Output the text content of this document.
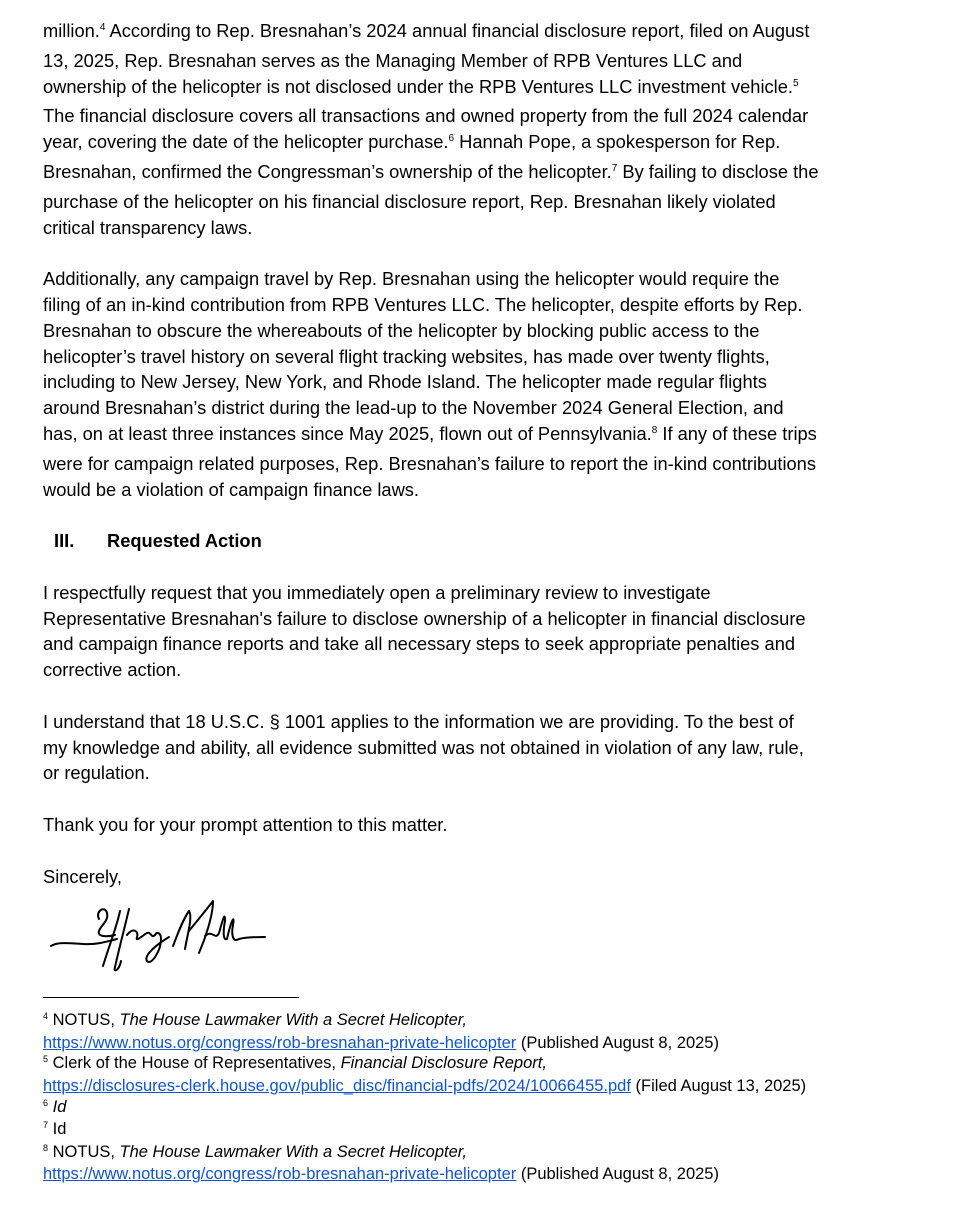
million.$^4$ According to Rep. Bresnahan’s 2024 annual financial disclosure report, filed on August
13, 2025, Rep. Bresnahan serves as the Managing Member of RPB Ventures LLC and
ownership of the helicopter is not disclosed under the RPB Ventures LLC investment vehicle.$^5$
The financial disclosure covers all transactions and owned property from the full 2024 calendar
year, covering the date of the helicopter purchase.$^6$ Hannah Pope, a spokesperson for Rep.
Bresnahan, confirmed the Congressman’s ownership of the helicopter.$^7$ By failing to disclose the
purchase of the helicopter on his financial disclosure report, Rep. Bresnahan likely violated
critical transparency laws.

Additionally, any campaign travel by Rep. Bresnahan using the helicopter would require the
filing of an in-kind contribution from RPB Ventures LLC. The helicopter, despite efforts by Rep.
Bresnahan to obscure the whereabouts of the helicopter by blocking public access to the
helicopter’s travel history on several flight tracking websites, has made over twenty flights,
including to New Jersey, New York, and Rhode Island. The helicopter made regular flights
around Bresnahan’s district during the lead-up to the November 2024 General Election, and
has, on at least three instances since May 2025, flown out of Pennsylvania.$^8$ If any of these trips
were for campaign related purposes, Rep. Bresnahan’s failure to report the in-kind contributions
would be a violation of campaign finance laws.

III. Requested Action

I respectfully request that you immediately open a preliminary review to investigate
Representative Bresnahan's failure to disclose ownership of a helicopter in financial disclosure
and campaign finance reports and take all necessary steps to seek appropriate penalties and
corrective action.

I understand that 18 U.S.C. § 1001 applies to the information we are providing. To the best of
my knowledge and ability, all evidence submitted was not obtained in violation of any law, rule,
or regulation.

Thank you for your prompt attention to this matter.

Sincerely,

$^4$ NOTUS, The House Lawmaker With a Secret Helicopter,
https://www.notus.org/congress/rob-bresnahan-private-helicopter (Published August 8, 2025)
$^5$ Clerk of the House of Representatives, Financial Disclosure Report,
https://disclosures-clerk.house.gov/public_disc/financial-pdfs/2024/10066455.pdf (Filed August 13, 2025)
$^6$ Id
$^7$ Id
$^8$ NOTUS, The House Lawmaker With a Secret Helicopter,
https://www.notus.org/congress/rob-bresnahan-private-helicopter (Published August 8, 2025)
